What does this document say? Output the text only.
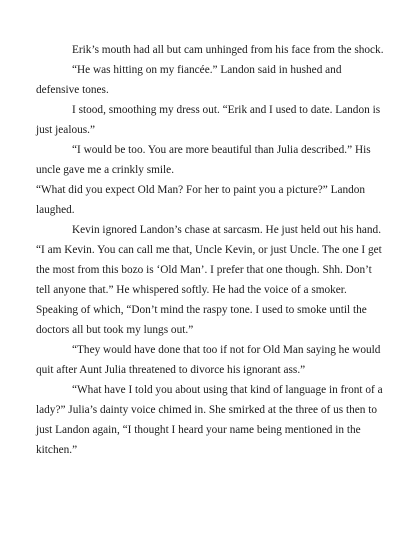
Erik’s mouth had all but cam unhinged from his face from the shock.

“He was hitting on my fiancée.” Landon said in hushed and defensive tones.

I stood, smoothing my dress out. “Erik and I used to date. Landon is just jealous.”

“I would be too. You are more beautiful than Julia described.” His uncle gave me a crinkly smile.

“What did you expect Old Man? For her to paint you a picture?” Landon laughed.

Kevin ignored Landon’s chase at sarcasm. He just held out his hand. “I am Kevin. You can call me that, Uncle Kevin, or just Uncle. The one I get the most from this bozo is ‘Old Man’. I prefer that one though. Shh. Don’t tell anyone that.” He whispered softly. He had the voice of a smoker. Speaking of which, “Don’t mind the raspy tone. I used to smoke until the doctors all but took my lungs out.”

“They would have done that too if not for Old Man saying he would quit after Aunt Julia threatened to divorce his ignorant ass.”

“What have I told you about using that kind of language in front of a lady?” Julia’s dainty voice chimed in. She smirked at the three of us then to just Landon again, “I thought I heard your name being mentioned in the kitchen.”
